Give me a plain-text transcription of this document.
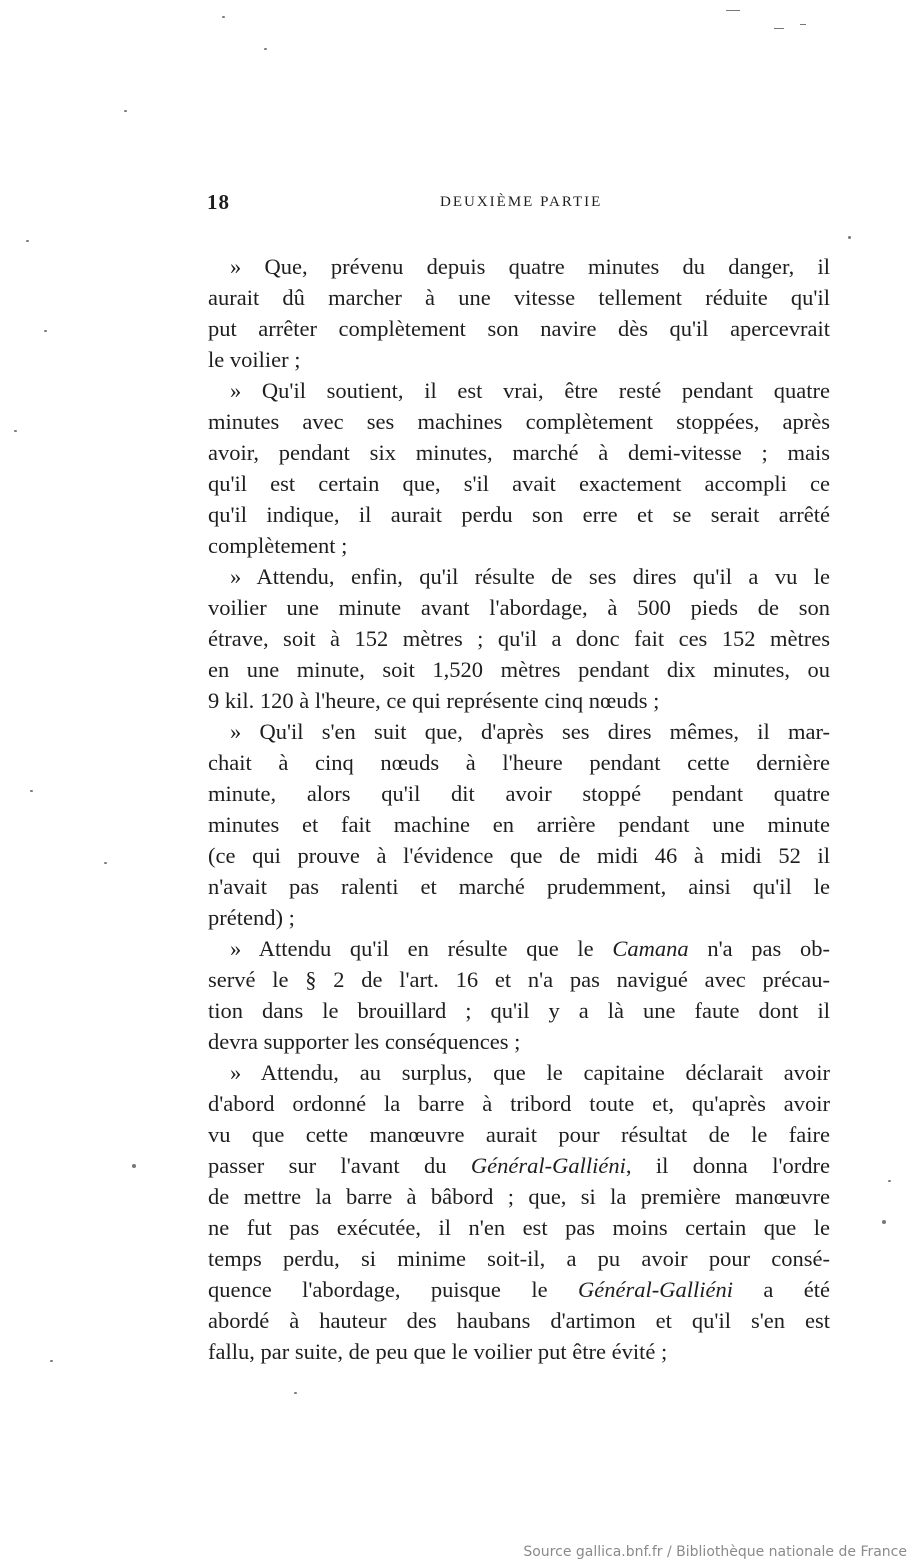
18	DEUXIÈME PARTIE
» Que, prévenu depuis quatre minutes du danger, il
aurait dû marcher à une vitesse tellement réduite qu'il
put arrêter complètement son navire dès qu'il apercevrait
le voilier ;
» Qu'il soutient, il est vrai, être resté pendant quatre
minutes avec ses machines complètement stoppées, après
avoir, pendant six minutes, marché à demi-vitesse ; mais
qu'il est certain que, s'il avait exactement accompli ce
qu'il indique, il aurait perdu son erre et se serait arrêté
complètement ;
» Attendu, enfin, qu'il résulte de ses dires qu'il a vu le
voilier une minute avant l'abordage, à 500 pieds de son
étrave, soit à 152 mètres ; qu'il a donc fait ces 152 mètres
en une minute, soit 1,520 mètres pendant dix minutes, ou
9 kil. 120 à l'heure, ce qui représente cinq nœuds ;
» Qu'il s'en suit que, d'après ses dires mêmes, il mar-
chait à cinq nœuds à l'heure pendant cette dernière
minute, alors qu'il dit avoir stoppé pendant quatre
minutes et fait machine en arrière pendant une minute
(ce qui prouve à l'évidence que de midi 46 à midi 52 il
n'avait pas ralenti et marché prudemment, ainsi qu'il le
prétend) ;
» Attendu qu'il en résulte que le Camana n'a pas ob-
servé le § 2 de l'art. 16 et n'a pas navigué avec précau-
tion dans le brouillard ; qu'il y a là une faute dont il
devra supporter les conséquences ;
» Attendu, au surplus, que le capitaine déclarait avoir
d'abord ordonné la barre à tribord toute et, qu'après avoir
vu que cette manœuvre aurait pour résultat de le faire
passer sur l'avant du Général-Galliéni, il donna l'ordre
de mettre la barre à bâbord ; que, si la première manœuvre
ne fut pas exécutée, il n'en est pas moins certain que le
temps perdu, si minime soit-il, a pu avoir pour consé-
quence l'abordage, puisque le Général-Galliéni a été
abordé à hauteur des haubans d'artimon et qu'il s'en est
fallu, par suite, de peu que le voilier put être évité ;
Source gallica.bnf.fr / Bibliothèque nationale de France
